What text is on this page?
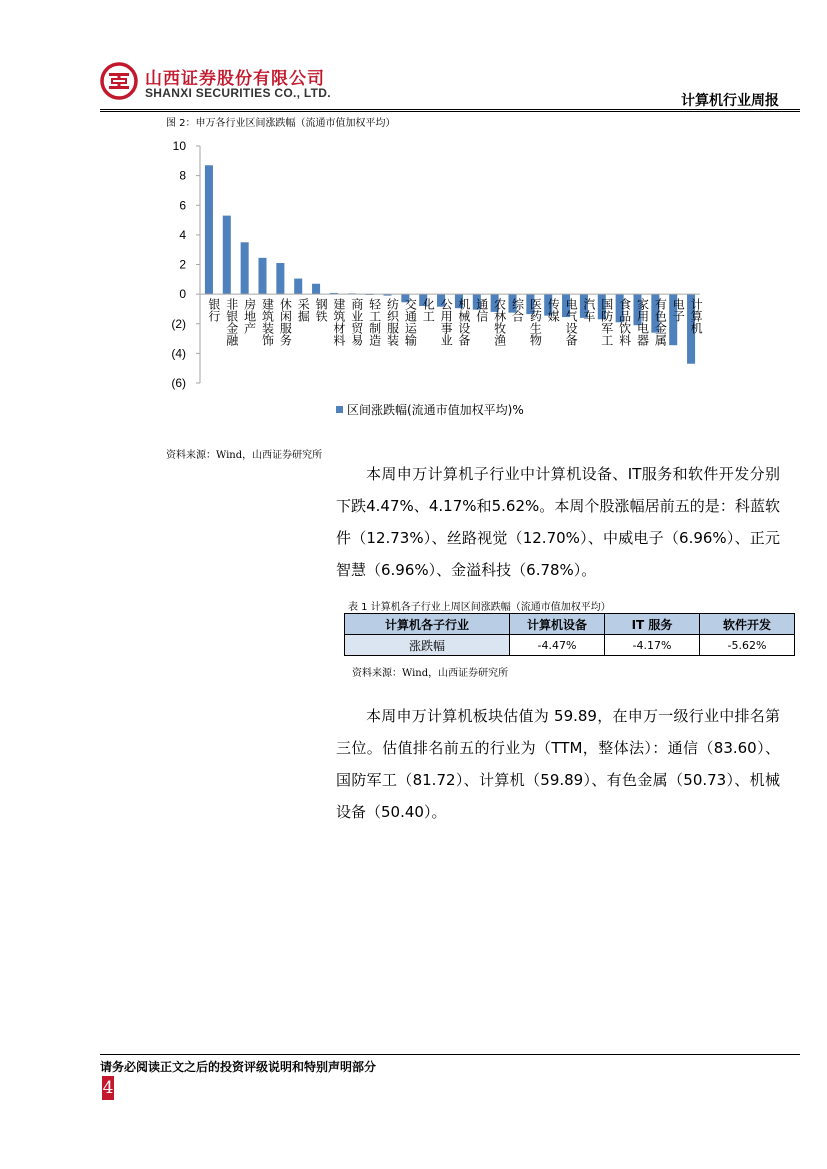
山西证券股份有限公司
SHANXI SECURITIES CO., LTD.	计算机行业周报
图 2：申万各行业区间涨跌幅（流通市值加权平均）
10
8
6
4
2
0
(2)
(4)
(6)
银行 非银金融 房地产 建筑装饰 休闲服务 采掘 钢铁 建筑材料 商业贸易 轻工制造 纺织服装 交通运输 化工 公用事业 机械设备 通信 农林牧渔 综合 医药生物 传媒 电气设备 汽车 国防军工 食品饮料 家用电器 有色金属 电子 计算机
区间涨跌幅(流通市值加权平均)%
资料来源：Wind，山西证券研究所

本周申万计算机子行业中计算机设备、IT服务和软件开发分别下跌4.47%、4.17%和5.62%。本周个股涨幅居前五的是：科蓝软件（12.73%）、丝路视觉（12.70%）、中威电子（6.96%）、正元智慧（6.96%）、金溢科技（6.78%）。

表 1 计算机各子行业上周区间涨跌幅（流通市值加权平均）
计算机各子行业	计算机设备	IT 服务	软件开发
涨跌幅	-4.47%	-4.17%	-5.62%
资料来源：Wind，山西证券研究所

本周申万计算机板块估值为 59.89，在申万一级行业中排名第三位。估值排名前五的行业为（TTM，整体法）：通信（83.60）、国防军工（81.72）、计算机（59.89）、有色金属（50.73）、机械设备（50.40）。

请务必阅读正文之后的投资评级说明和特别声明部分
4
